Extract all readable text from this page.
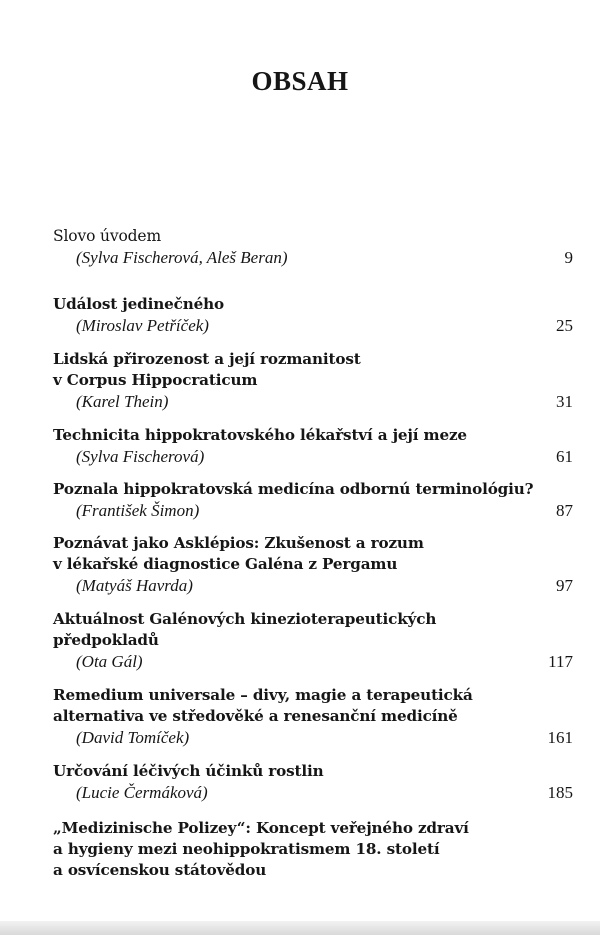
OBSAH
Slovo úvodem
(Sylva Fischerová, Aleš Beran)	9
Událost jedinečného
(Miroslav Petříček)	25
Lidská přirozenost a její rozmanitost
v Corpus Hippocraticum
(Karel Thein)	31
Technicita hippokratovského lékařství a její meze
(Sylva Fischerová)	61
Poznala hippokratovská medicína odbornú terminológiu?
(František Šimon)	87
Poznávat jako Asklépios: Zkušenost a rozum
v lékařské diagnostice Galéna z Pergamu
(Matyáš Havrda)	97
Aktuálnost Galénových kinezioterapeutických
předpokladů
(Ota Gál)	117
Remedium universale – divy, magie a terapeutická
alternativa ve středověké a renesanční medicíně
(David Tomíček)	161
Určování léčivých účinků rostlin
(Lucie Čermáková)	185
„Medizinische Polizey“: Koncept veřejného zdraví
a hygieny mezi neohippokratismem 18. století
a osvícenskou státovědou
